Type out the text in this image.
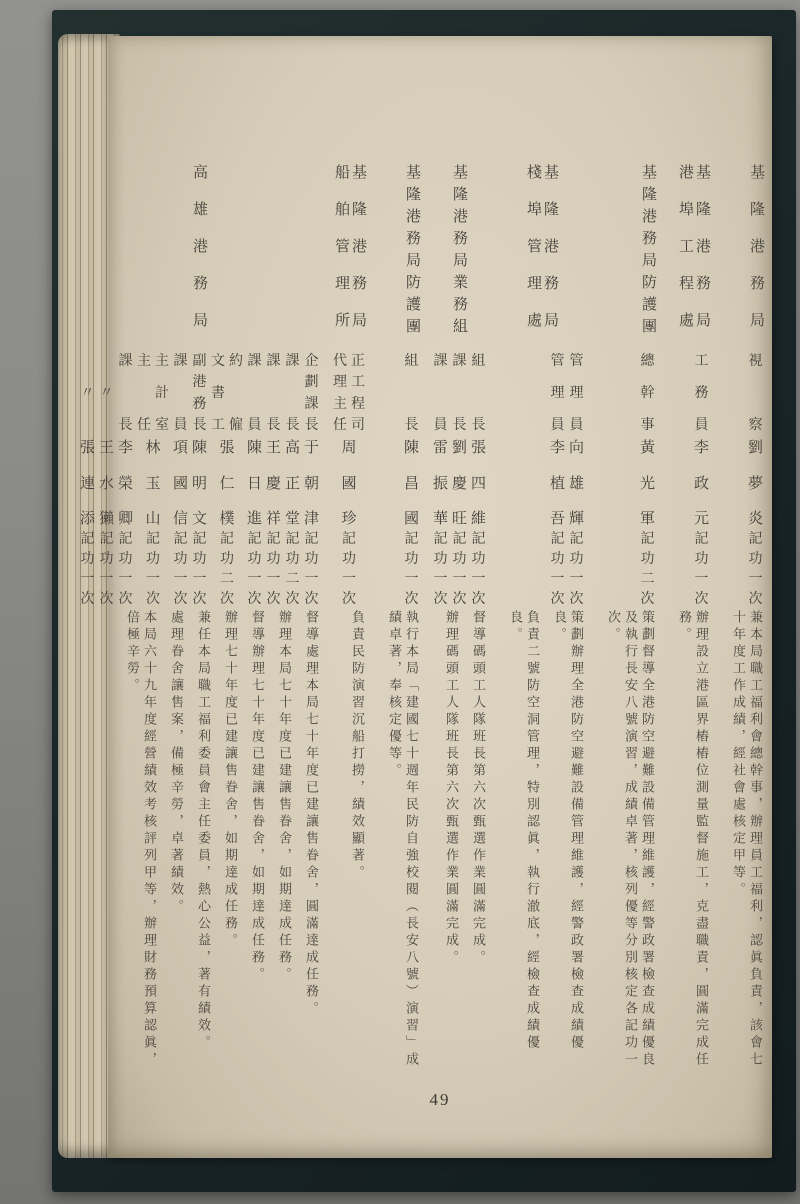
基隆港務局
視
察
劉
夢
炎
記
功
一
次

兼本局職工福利會總幹事，辦理員工福利，認眞負責，該會七十年度工作成績，經社會處核定甲等。

基隆港務局港埠工程處
工
務
員
李
政
元
記
功
一
次

辦理設立港區界樁樁位測量監督施工，克盡職責，圓滿完成任務。

基隆港務局防護團
總
幹
事
黃
光
軍
記
功
二
次

策劃督導全港防空避難設備管理維護，經警政署檢查成績優良及執行長安八號演習，成績卓著，核列優等分別核定各記功一次。

基隆港務局棧埠管理處
管
理
員
向
雄
輝
記
功
一
次
管
理
員
李
植
吾
記
功
一
次

策劃辦理全港防空避難設備管理維護，經警政署檢查成績優良。

負責二號防空洞管理，特別認眞，執行澈底，經檢查成績優良。

基隆港務局業務組
組
長
張
四
維
記
功
一
次
課
長
劉
慶
旺
記
功
一
次
課
員
雷
振
華
記
功
一
次

督導碼頭工人隊班長第六次甄選作業圓滿完成。

辦理碼頭工人隊班長第六次甄選作業圓滿完成。

基隆港務局防護團
組
長
陳
昌
國
記
功
一
次

執行本局「建國七十週年民防自強校閱（長安八號）演習」成績卓著，奉核定優等。

基隆港務局船舶管理所
正
工
程
司
代
理
主
任
周
國
珍
記
功
一
次

負責民防演習沉船打撈，績效顯著。

高雄港務局
企
劃
課
長
于
朝
津
記
功
一
次
課
長
高
正
堂
記
功
二
次
課
長
王
慶
祥
記
功
一
次
課
員
陳
日
進
記
功
一
次
約
僱
文
書
工
張
仁
樸
記
功
二
次
副
港
務
長
陳
明
文
記
功
一
次
課
員
項
國
信
記
功
一
次
主
計
室
主
任
林
玉
山
記
功
一
次
課
長
李
榮
卿
記
功
一
次
〃
王
水
獺
記
功
一
次
〃
張
連
添
記
功
一
次

督導處理本局七十年度已建讓售眷舍，圓滿達成任務。

辦理本局七十年度已建讓售眷舍，如期達成任務。

督導辦理七十年度已建讓售眷舍，如期達成任務。

辦理七十年度已建讓售眷舍，如期達成任務。

兼任本局職工福利委員會主任委員，熱心公益，著有績效。

處理眷舍讓售案，備極辛勞，卓著績效。

本局六十九年度經營績效考核評列甲等，辦理財務預算認眞，倍極辛勞。

49
